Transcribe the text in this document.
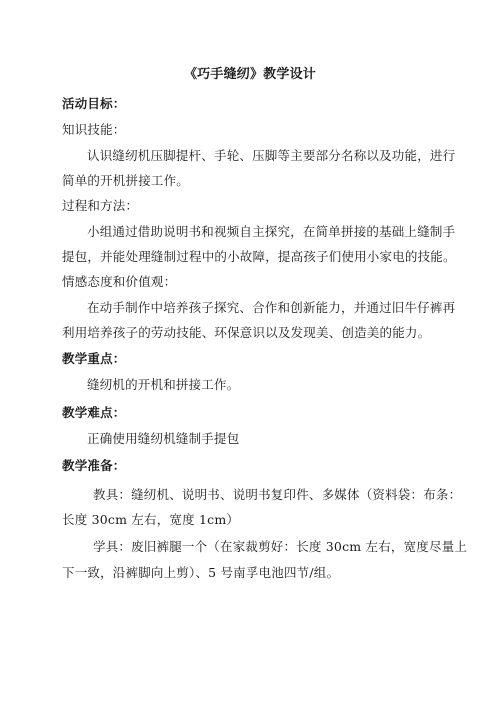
《巧手缝纫》教学设计
活动目标：
知识技能：
认识缝纫机压脚提杆、手轮、压脚等主要部分名称以及功能，进行
简单的开机拼接工作。
过程和方法：
小组通过借助说明书和视频自主探究，在简单拼接的基础上缝制手
提包，并能处理缝制过程中的小故障，提高孩子们使用小家电的技能。
情感态度和价值观：
在动手制作中培养孩子探究、合作和创新能力，并通过旧牛仔裤再
利用培养孩子的劳动技能、环保意识以及发现美、创造美的能力。
教学重点：
缝纫机的开机和拼接工作。
教学难点：
正确使用缝纫机缝制手提包
教学准备：
教具：缝纫机、说明书、说明书复印件、多媒体（资料袋：布条：
长度 30cm 左右，宽度 1cm）
学具：废旧裤腿一个（在家裁剪好：长度 30cm 左右，宽度尽量上
下一致，沿裤脚向上剪）、5 号南孚电池四节/组。
